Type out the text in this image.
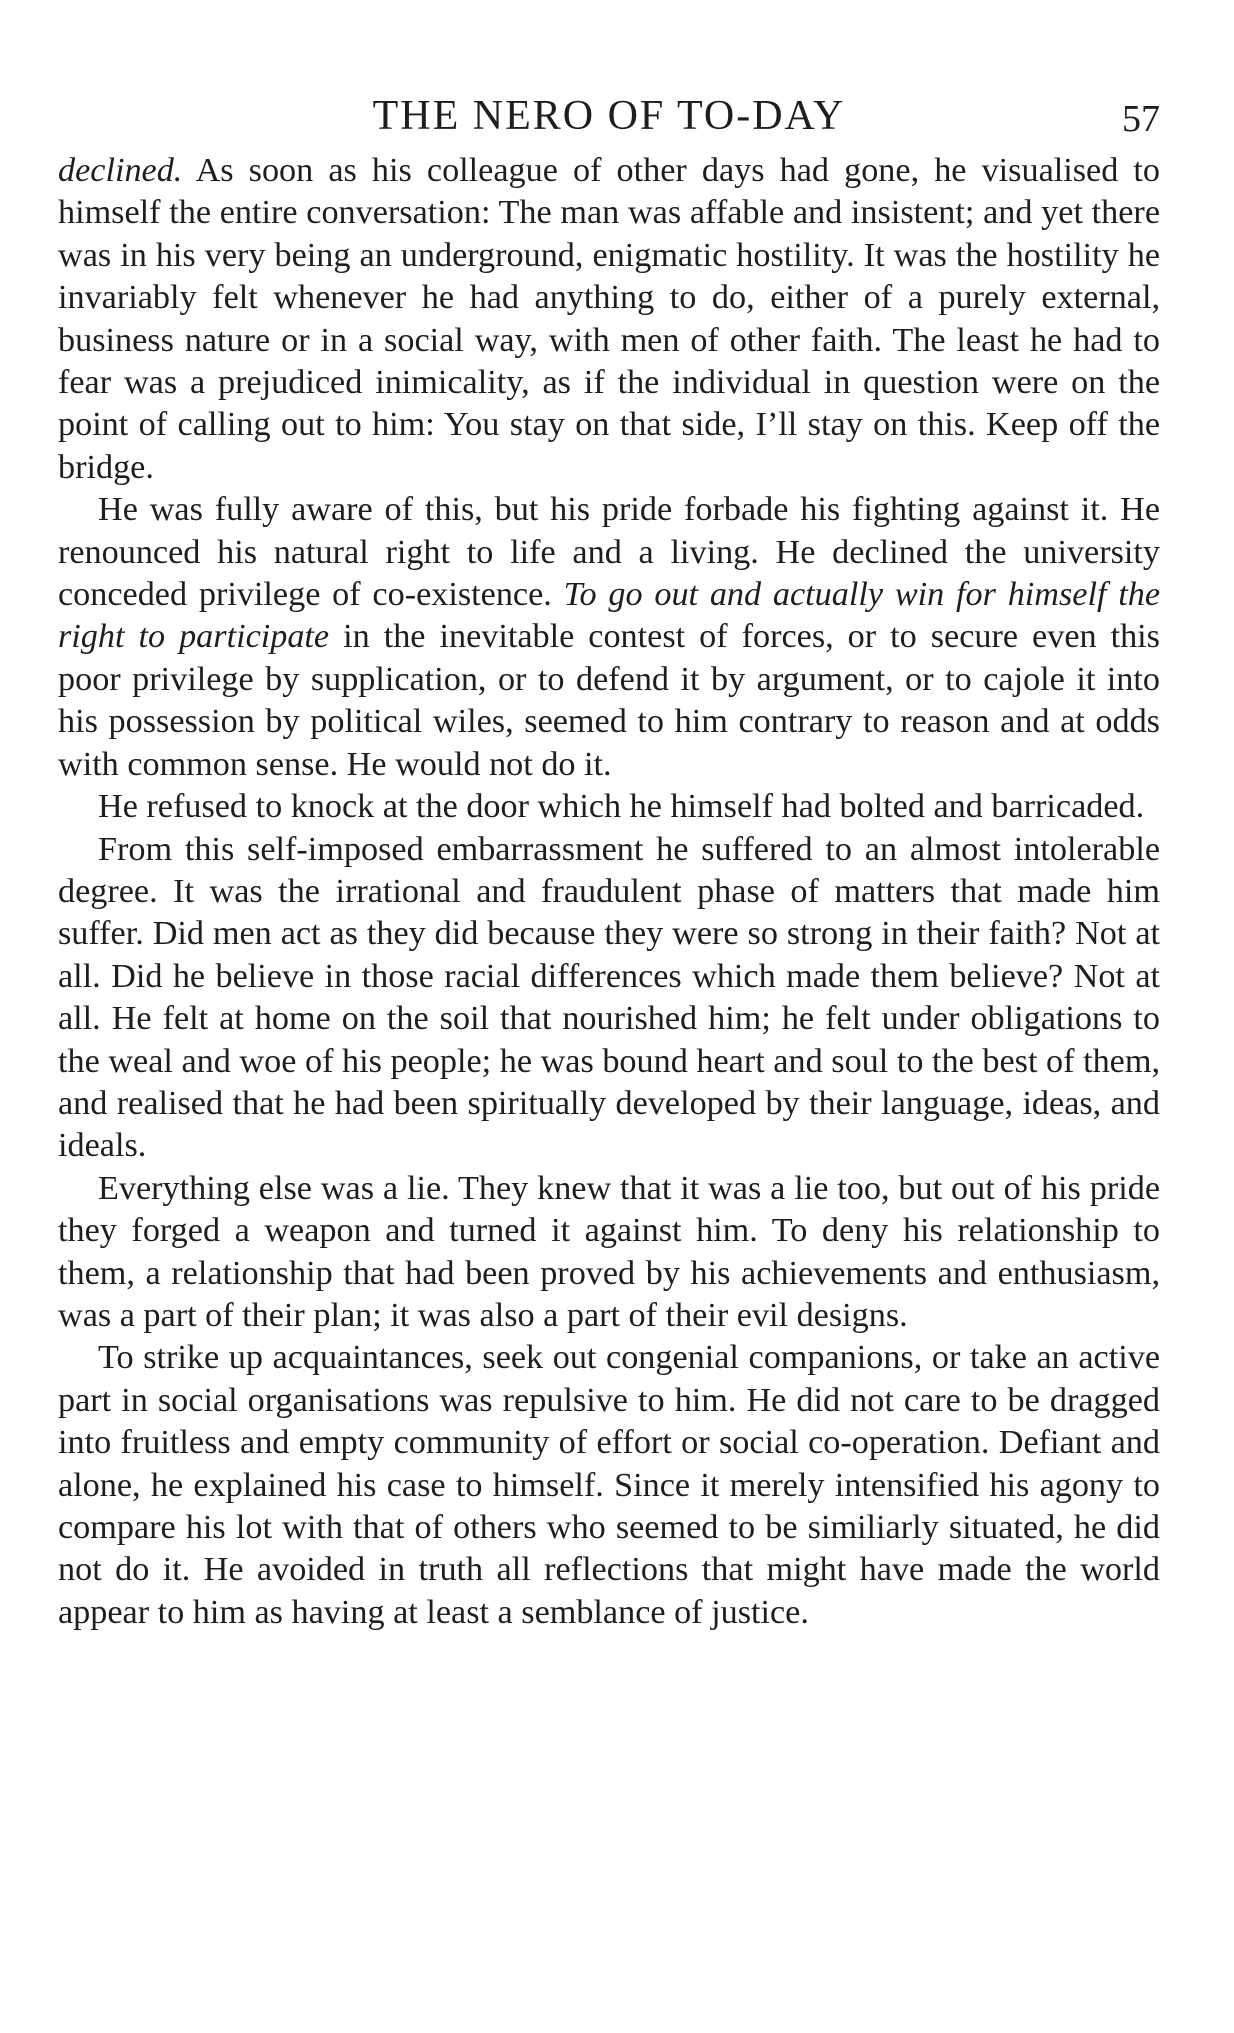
THE NERO OF TO-DAY	57

declined. As soon as his colleague of other days had gone, he visualised to himself the entire conversation: The man was affable and insistent; and yet there was in his very being an underground, enigmatic hostility. It was the hostility he invariably felt whenever he had anything to do, either of a purely external, business nature or in a social way, with men of other faith. The least he had to fear was a prejudiced inimicality, as if the individual in question were on the point of calling out to him: You stay on that side, I’ll stay on this. Keep off the bridge.

He was fully aware of this, but his pride forbade his fighting against it. He renounced his natural right to life and a living. He declined the university conceded privilege of co-existence. To go out and actually win for himself the right to participate in the inevitable contest of forces, or to secure even this poor privilege by supplication, or to defend it by argument, or to cajole it into his possession by political wiles, seemed to him contrary to reason and at odds with common sense. He would not do it.

He refused to knock at the door which he himself had bolted and barricaded.

From this self-imposed embarrassment he suffered to an almost intolerable degree. It was the irrational and fraudulent phase of matters that made him suffer. Did men act as they did because they were so strong in their faith? Not at all. Did he believe in those racial differences which made them believe? Not at all. He felt at home on the soil that nourished him; he felt under obligations to the weal and woe of his people; he was bound heart and soul to the best of them, and realised that he had been spiritually developed by their language, ideas, and ideals.

Everything else was a lie. They knew that it was a lie too, but out of his pride they forged a weapon and turned it against him. To deny his relationship to them, a relationship that had been proved by his achievements and enthusiasm, was a part of their plan; it was also a part of their evil designs.

To strike up acquaintances, seek out congenial companions, or take an active part in social organisations was repulsive to him. He did not care to be dragged into fruitless and empty community of effort or social co-operation. Defiant and alone, he explained his case to himself. Since it merely intensified his agony to compare his lot with that of others who seemed to be similiarly situated, he did not do it. He avoided in truth all reflections that might have made the world appear to him as having at least a semblance of justice.
